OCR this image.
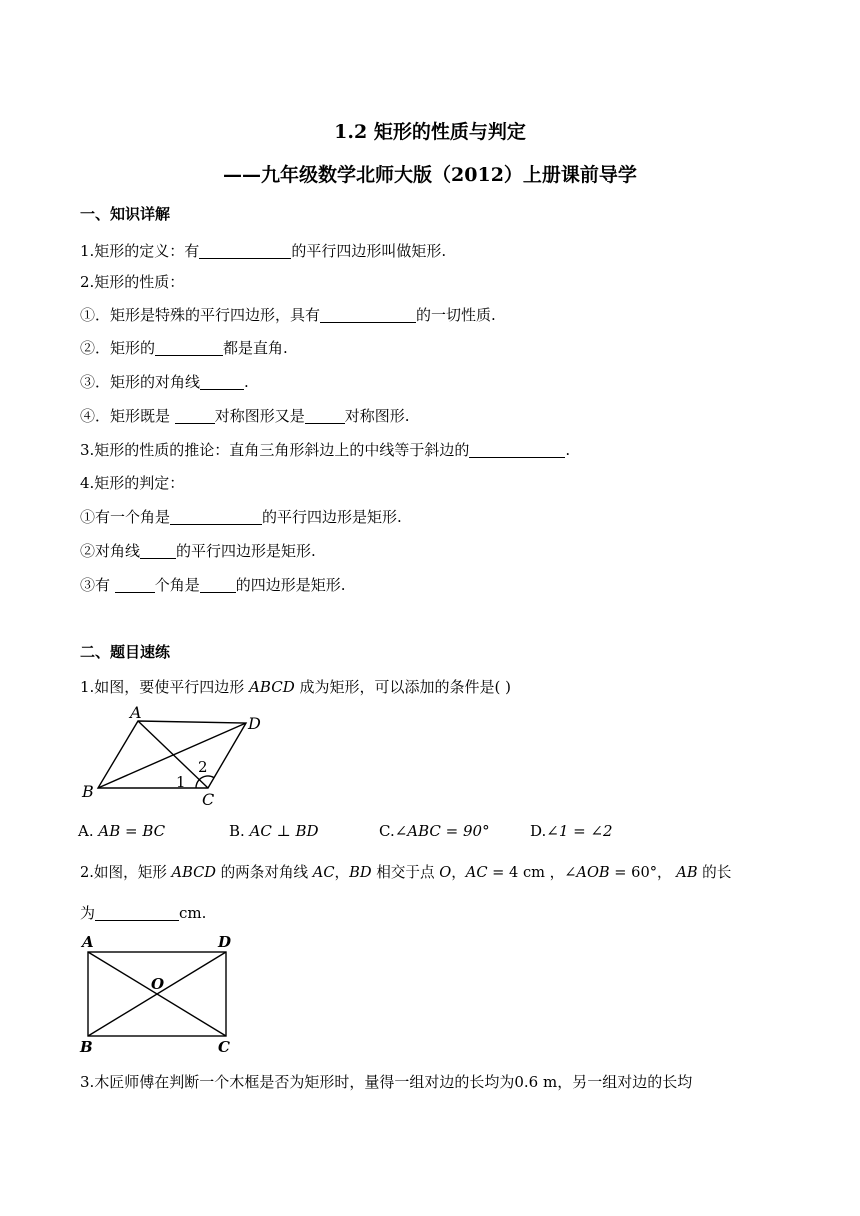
1.2 矩形的性质与判定
——九年级数学北师大版（2012）上册课前导学
一、知识详解
1.矩形的定义：有	的平行四边形叫做矩形.
2.矩形的性质：
①．矩形是特殊的平行四边形，具有	的一切性质.
②．矩形的	都是直角.
③．矩形的对角线	.
④．矩形既是	对称图形又是	对称图形.
3.矩形的性质的推论：直角三角形斜边上的中线等于斜边的	.
4.矩形的判定：
①有一个角是	的平行四边形是矩形.
②对角线 的平行四边形是矩形.
③有	个角是 的四边形是矩形.
二、题目速练
1.如图，要使平行四边形 ABCD 成为矩形，可以添加的条件是( )
A
D
B	C
1
2
A. AB = BC	B. AC ⊥ BD	C.∠ABC = 90°	D.∠1 = ∠2
2.如图，矩形 ABCD 的两条对角线 AC，BD 相交于点 O，AC = 4 cm ，∠AOB = 60°， AB 的长
为	cm.
A	D
B	C
O
3.木匠师傅在判断一个木框是否为矩形时，量得一组对边的长均为0.6 m，另一组对边的长均
